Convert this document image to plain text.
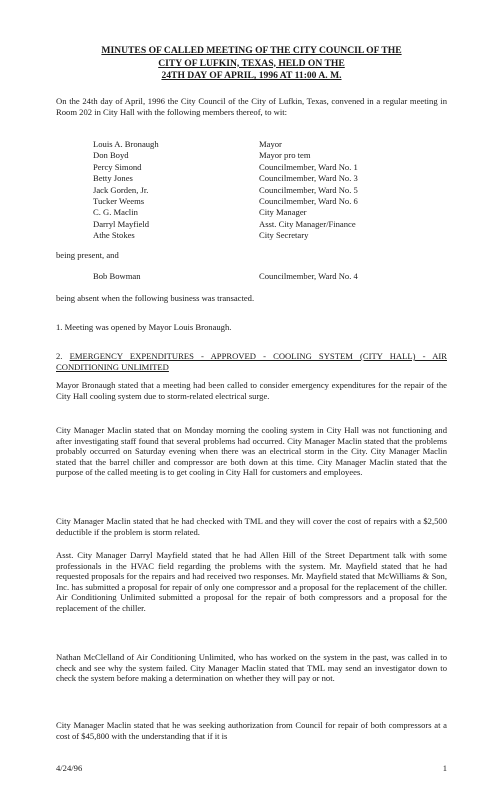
MINUTES OF CALLED MEETING OF THE CITY COUNCIL OF THE
CITY OF LUFKIN, TEXAS, HELD ON THE
24TH DAY OF APRIL, 1996 AT 11:00 A. M.
On the 24th day of April, 1996 the City Council of the City of Lufkin, Texas, convened in a regular meeting in Room 202 in City Hall with the following members thereof, to wit:
Louis A. Bronaugh	Mayor
Don Boyd	Mayor pro tem
Percy Simond	Councilmember, Ward No. 1
Betty Jones	Councilmember, Ward No. 3
Jack Gorden, Jr.	Councilmember, Ward No. 5
Tucker Weems	Councilmember, Ward No. 6
C. G. Maclin	City Manager
Darryl Mayfield	Asst. City Manager/Finance
Athe Stokes	City Secretary
being present, and
Bob Bowman	Councilmember, Ward No. 4
being absent when the following business was transacted.
1. Meeting was opened by Mayor Louis Bronaugh.
2. EMERGENCY EXPENDITURES - APPROVED - COOLING SYSTEM (CITY HALL) - AIR CONDITIONING UNLIMITED
Mayor Bronaugh stated that a meeting had been called to consider emergency expenditures for the repair of the City Hall cooling system due to storm-related electrical surge.
City Manager Maclin stated that on Monday morning the cooling system in City Hall was not functioning and after investigating staff found that several problems had occurred. City Manager Maclin stated that the problems probably occurred on Saturday evening when there was an electrical storm in the City. City Manager Maclin stated that the barrel chiller and compressor are both down at this time. City Manager Maclin stated that the purpose of the called meeting is to get cooling in City Hall for customers and employees.
City Manager Maclin stated that he had checked with TML and they will cover the cost of repairs with a $2,500 deductible if the problem is storm related.
Asst. City Manager Darryl Mayfield stated that he had Allen Hill of the Street Department talk with some professionals in the HVAC field regarding the problems with the system. Mr. Mayfield stated that he had requested proposals for the repairs and had received two responses. Mr. Mayfield stated that McWilliams & Son, Inc. has submitted a proposal for repair of only one compressor and a proposal for the replacement of the chiller. Air Conditioning Unlimited submitted a proposal for the repair of both compressors and a proposal for the replacement of the chiller.
Nathan McClelland of Air Conditioning Unlimited, who has worked on the system in the past, was called in to check and see why the system failed. City Manager Maclin stated that TML may send an investigator down to check the system before making a determination on whether they will pay or not.
City Manager Maclin stated that he was seeking authorization from Council for repair of both compressors at a cost of $45,800 with the understanding that if it is
4/24/96	1
